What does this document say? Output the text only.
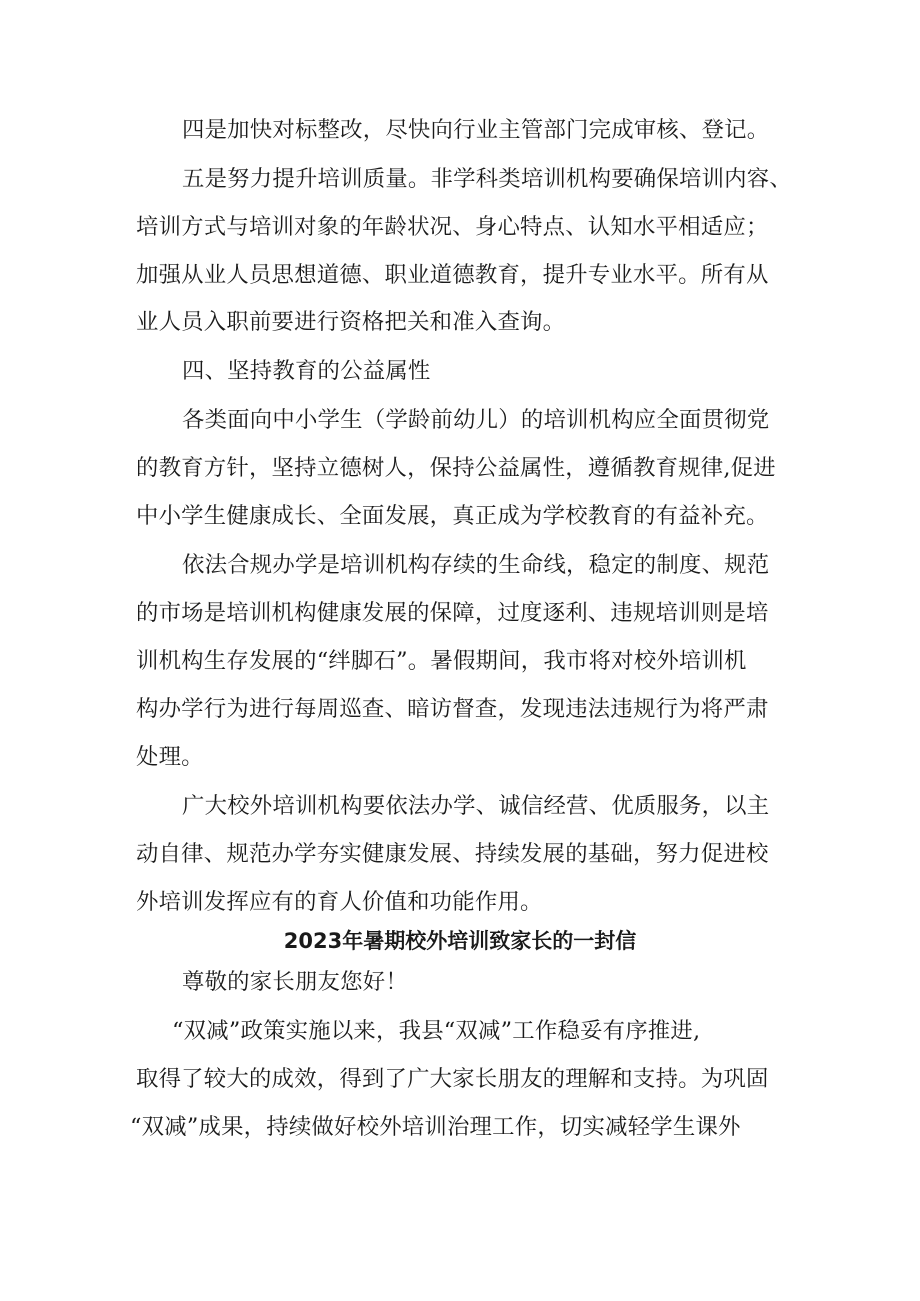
四是加快对标整改，尽快向行业主管部门完成审核、登记。
五是努力提升培训质量。非学科类培训机构要确保培训内容、
培训方式与培训对象的年龄状况、身心特点、认知水平相适应；
加强从业人员思想道德、职业道德教育，提升专业水平。所有从
业人员入职前要进行资格把关和准入查询。
四、坚持教育的公益属性
各类面向中小学生（学龄前幼儿）的培训机构应全面贯彻党
的教育方针，坚持立德树人，保持公益属性，遵循教育规律,促进
中小学生健康成长、全面发展，真正成为学校教育的有益补充。
依法合规办学是培训机构存续的生命线，稳定的制度、规范
的市场是培训机构健康发展的保障，过度逐利、违规培训则是培
训机构生存发展的“绊脚石”。暑假期间，我市将对校外培训机
构办学行为进行每周巡查、暗访督查，发现违法违规行为将严肃
处理。
广大校外培训机构要依法办学、诚信经营、优质服务，以主
动自律、规范办学夯实健康发展、持续发展的基础，努力促进校
外培训发挥应有的育人价值和功能作用。
2023年暑期校外培训致家长的一封信
尊敬的家长朋友您好！
“双减”政策实施以来，我县“双减”工作稳妥有序推进,
取得了较大的成效，得到了广大家长朋友的理解和支持。为巩固
“双减”成果，持续做好校外培训治理工作，切实减轻学生课外
